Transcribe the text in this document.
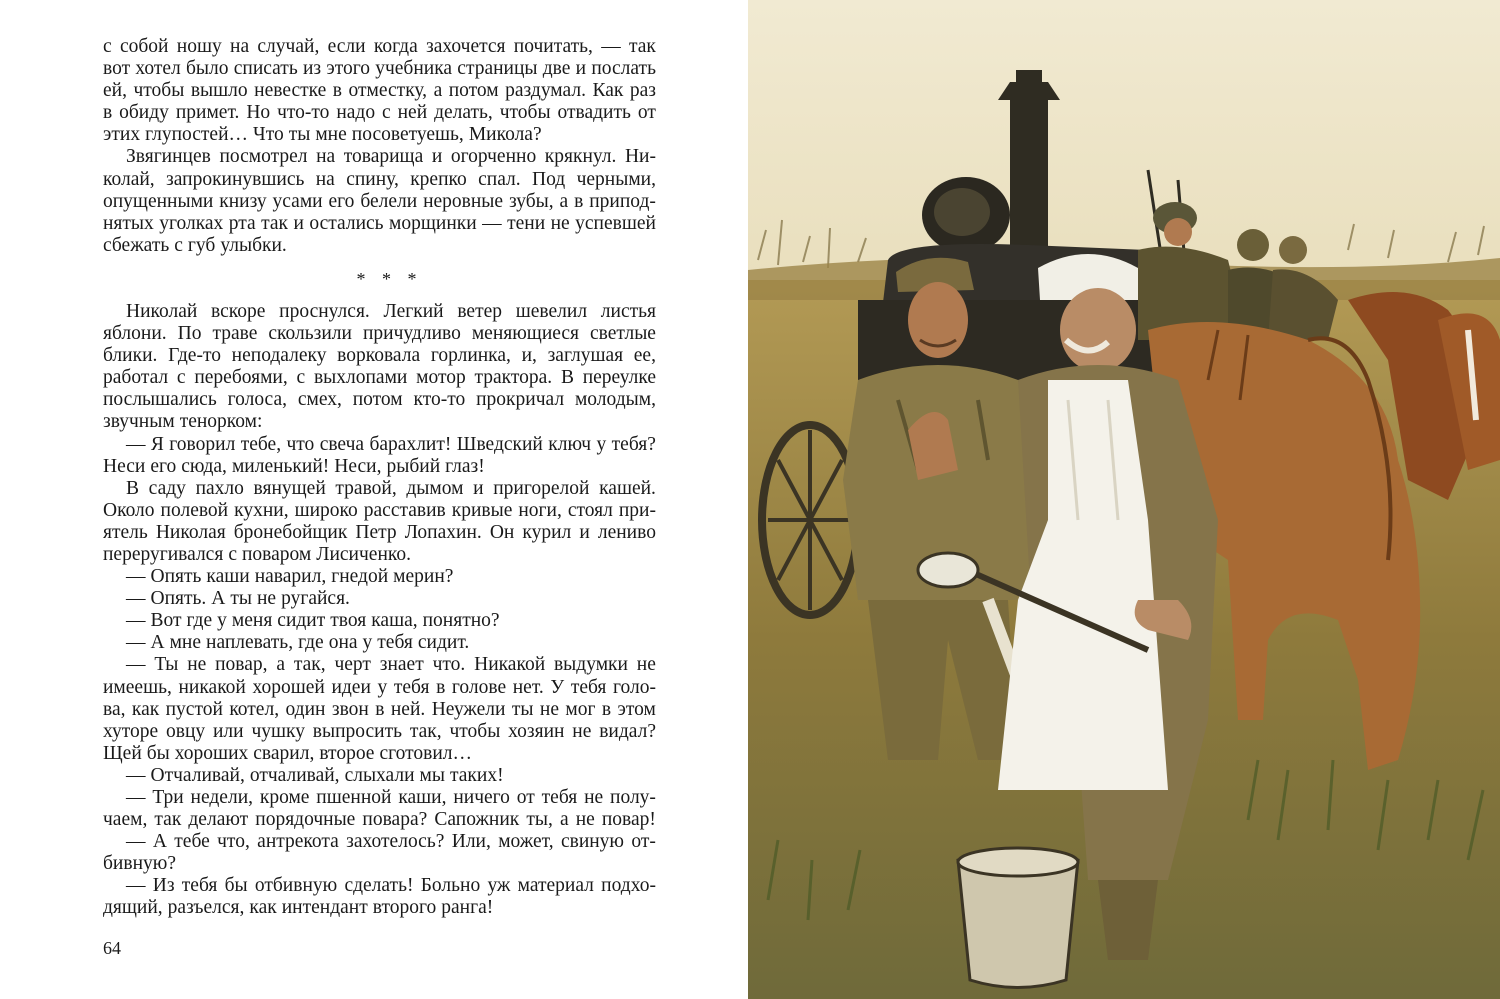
с собой ношу на случай, если когда захочется почитать, — так
вот хотел было списать из этого учебника страницы две и послать
ей, чтобы вышло невестке в отместку, а потом раздумал. Как раз
в обиду примет. Но что-то надо с ней делать, чтобы отвадить от
этих глупостей… Что ты мне посоветуешь, Микола?
Звягинцев посмотрел на товарища и огорченно крякнул. Ни-
колай, запрокинувшись на спину, крепко спал. Под черными,
опущенными книзу усами его белели неровные зубы, а в припод-
нятых уголках рта так и остались морщинки — тени не успевшей
сбежать с губ улыбки.
* * *
Николай вскоре проснулся. Легкий ветер шевелил листья
яблони. По траве скользили причудливо меняющиеся светлые
блики. Где-то неподалеку ворковала горлинка, и, заглушая ее,
работал с перебоями, с выхлопами мотор трактора. В переулке
послышались голоса, смех, потом кто-то прокричал молодым,
звучным тенорком:
— Я говорил тебе, что свеча барахлит! Шведский ключ у тебя?
Неси его сюда, миленький! Неси, рыбий глаз!
В саду пахло вянущей травой, дымом и пригорелой кашей.
Около полевой кухни, широко расставив кривые ноги, стоял при-
ятель Николая бронебойщик Петр Лопахин. Он курил и лениво
переругивался с поваром Лисиченко.
— Опять каши наварил, гнедой мерин?
— Опять. А ты не ругайся.
— Вот где у меня сидит твоя каша, понятно?
— А мне наплевать, где она у тебя сидит.
— Ты не повар, а так, черт знает что. Никакой выдумки не
имеешь, никакой хорошей идеи у тебя в голове нет. У тебя голо-
ва, как пустой котел, один звон в ней. Неужели ты не мог в этом
хуторе овцу или чушку выпросить так, чтобы хозяин не видал?
Щей бы хороших сварил, второе сготовил…
— Отчаливай, отчаливай, слыхали мы таких!
— Три недели, кроме пшенной каши, ничего от тебя не полу-
чаем, так делают порядочные повара? Сапожник ты, а не повар!
— А тебе что, антрекота захотелось? Или, может, свиную от-
бивную?
— Из тебя бы отбивную сделать! Больно уж материал подхо-
дящий, разъелся, как интендант второго ранга!
64
